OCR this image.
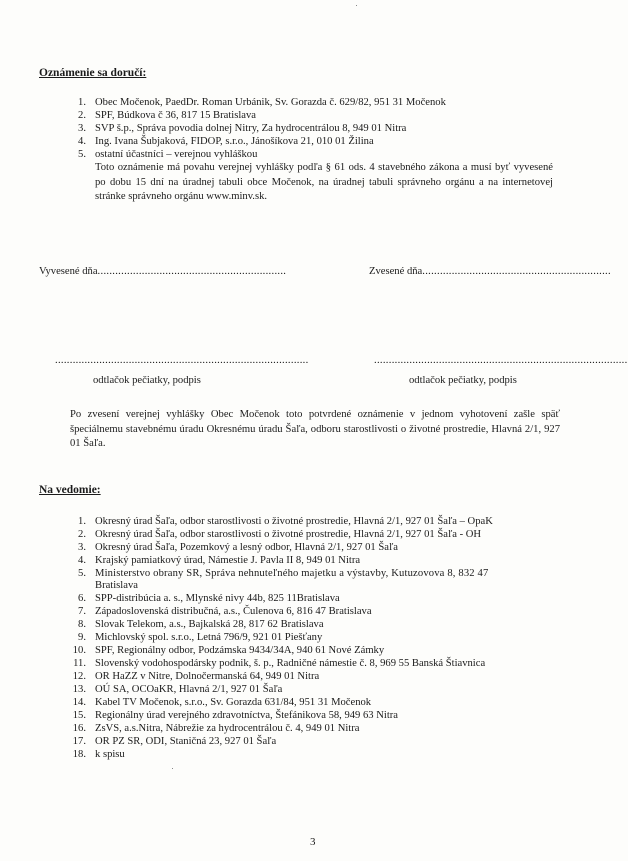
Oznámenie sa doručí:
1. Obec Močenok, PaedDr. Roman Urbánik, Sv. Gorazda č. 629/82, 951 31 Močenok
2. SPF, Búdkova č 36, 817 15 Bratislava
3. SVP š.p., Správa povodia dolnej Nitry, Za hydrocentrálou 8, 949 01 Nitra
4. Ing. Ivana Šubjaková, FIDOP, s.r.o., Jánošíkova 21, 010 01 Žilina
5. ostatní účastníci – verejnou vyhláškou
Toto oznámenie má povahu verejnej vyhlášky podľa § 61 ods. 4 stavebného zákona a musí byť vyvesené po dobu 15 dní na úradnej tabuli obce Močenok, na úradnej tabuli správneho orgánu a na internetovej stránke správneho orgánu www.minv.sk.
Vyvesené dňa................................................................	Zvesené dňa................................................................
......................................................................................	......................................................................................
odtlačok pečiatky, podpis	odtlačok pečiatky, podpis
Po zvesení verejnej vyhlášky Obec Močenok toto potvrdené oznámenie v jednom vyhotovení zašle späť špeciálnemu stavebnému úradu Okresnému úradu Šaľa, odboru starostlivosti o životné prostredie, Hlavná 2/1, 927 01 Šaľa.
Na vedomie:
1. Okresný úrad Šaľa, odbor starostlivosti o životné prostredie, Hlavná 2/1, 927 01 Šaľa – OpaK
2. Okresný úrad Šaľa, odbor starostlivosti o životné prostredie, Hlavná 2/1, 927 01 Šaľa - OH
3. Okresný úrad Šaľa, Pozemkový a lesný odbor, Hlavná 2/1, 927 01 Šaľa
4. Krajský pamiatkový úrad, Námestie J. Pavla II 8, 949 01 Nitra
5. Ministerstvo obrany SR, Správa nehnuteľného majetku a výstavby, Kutuzovova 8, 832 47
Bratislava
6. SPP-distribúcia a. s., Mlynské nivy 44b, 825 11Bratislava
7. Západoslovenská distribučná, a.s., Čulenova 6, 816 47 Bratislava
8. Slovak Telekom, a.s., Bajkalská 28, 817 62 Bratislava
9. Michlovský spol. s.r.o., Letná 796/9, 921 01 Piešťany
10. SPF, Regionálny odbor, Podzámska 9434/34A, 940 61 Nové Zámky
11. Slovenský vodohospodársky podnik, š. p., Radničné námestie č. 8, 969 55 Banská Štiavnica
12. OR HaZZ v Nitre, Dolnočermanská 64, 949 01 Nitra
13. OÚ SA, OCOaKR, Hlavná 2/1, 927 01 Šaľa
14. Kabel TV Močenok, s.r.o., Sv. Gorazda 631/84, 951 31 Močenok
15. Regionálny úrad verejného zdravotníctva, Štefánikova 58, 949 63 Nitra
16. ZsVS, a.s.Nitra, Nábrežie za hydrocentrálou č. 4, 949 01 Nitra
17. OR PZ SR, ODI, Staničná 23, 927 01 Šaľa
18. k spisu
3
